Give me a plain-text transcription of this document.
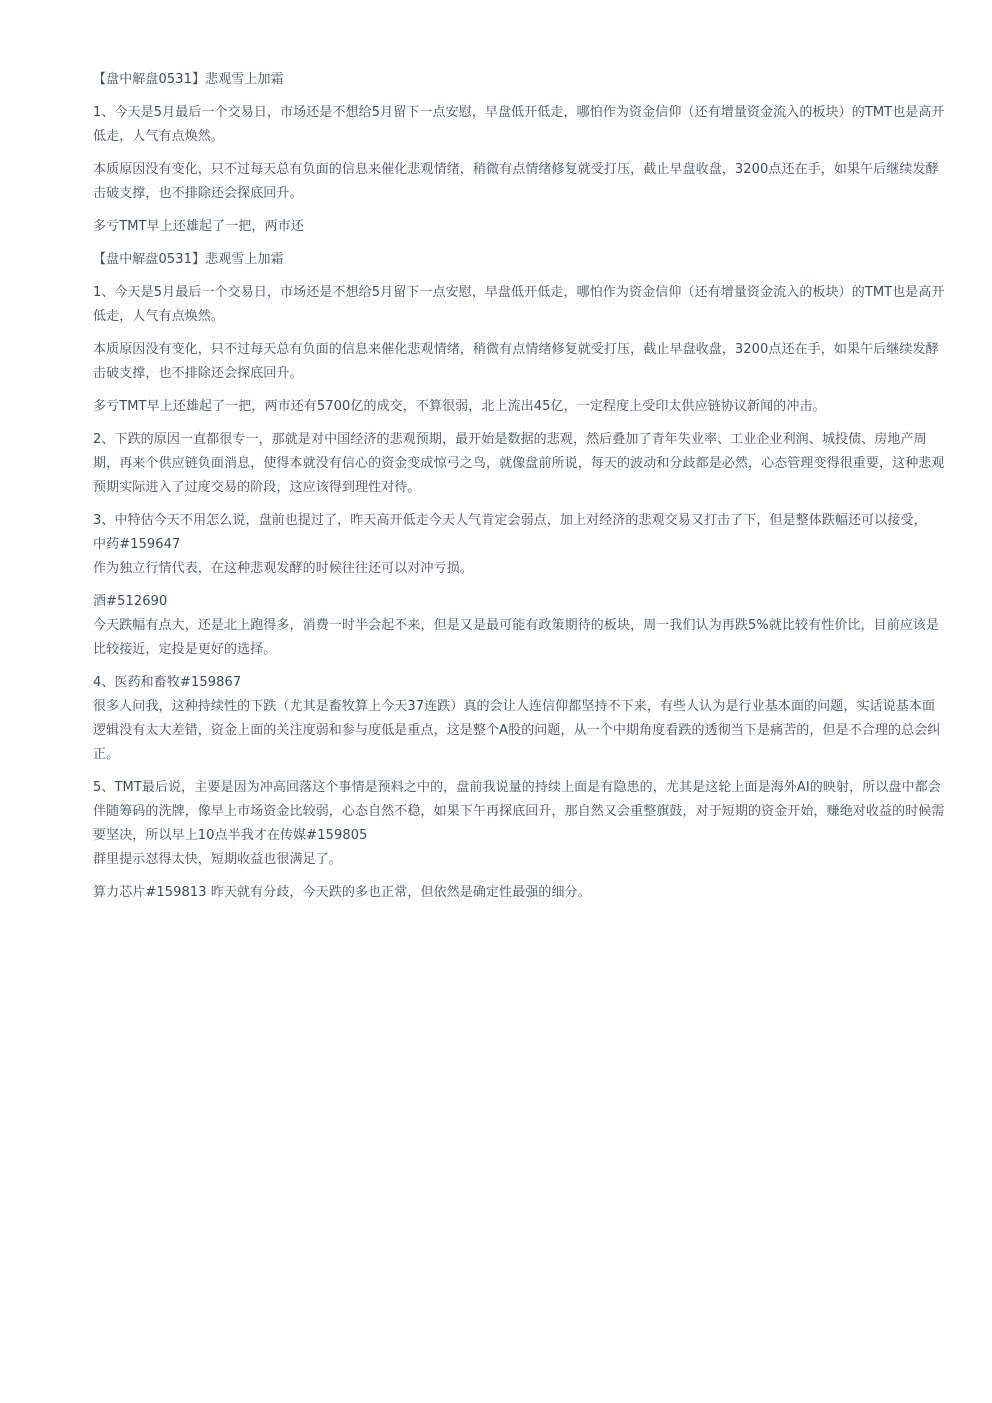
【盘中解盘0531】悲观雪上加霜

1、今天是5月最后一个交易日，市场还是不想给5月留下一点安慰，早盘低开低走，哪怕作为资金信仰（还有增量资金流入的板块）的TMT也是高开低走，人气有点焕然。

本质原因没有变化，只不过每天总有负面的信息来催化悲观情绪，稍微有点情绪修复就受打压，截止早盘收盘，3200点还在手，如果午后继续发酵击破支撑，也不排除还会探底回升。

多亏TMT早上还雄起了一把，两市还

【盘中解盘0531】悲观雪上加霜

1、今天是5月最后一个交易日，市场还是不想给5月留下一点安慰，早盘低开低走，哪怕作为资金信仰（还有增量资金流入的板块）的TMT也是高开低走，人气有点焕然。

本质原因没有变化，只不过每天总有负面的信息来催化悲观情绪，稍微有点情绪修复就受打压，截止早盘收盘，3200点还在手，如果午后继续发酵击破支撑，也不排除还会探底回升。

多亏TMT早上还雄起了一把，两市还有5700亿的成交，不算很弱，北上流出45亿，一定程度上受印太供应链协议新闻的冲击。

2、下跌的原因一直都很专一，那就是对中国经济的悲观预期，最开始是数据的悲观，然后叠加了青年失业率、工业企业利润、城投债、房地产周期，再来个供应链负面消息，使得本就没有信心的资金变成惊弓之鸟，就像盘前所说，每天的波动和分歧都是必然，心态管理变得很重要，这种悲观预期实际进入了过度交易的阶段，这应该得到理性对待。

3、中特估今天不用怎么说，盘前也提过了，昨天高开低走今天人气肯定会弱点，加上对经济的悲观交易又打击了下，但是整体跌幅还可以接受，
中药#159647
作为独立行情代表，在这种悲观发酵的时候往往还可以对冲亏损。

酒#512690
今天跌幅有点大，还是北上跑得多，消费一时半会起不来，但是又是最可能有政策期待的板块，周一我们认为再跌5%就比较有性价比，目前应该是比较接近，定投是更好的选择。

4、医药和畜牧#159867
很多人问我，这种持续性的下跌（尤其是畜牧算上今天37连跌）真的会让人连信仰都坚持不下来，有些人认为是行业基本面的问题，实话说基本面逻辑没有太大差错，资金上面的关注度弱和参与度低是重点，这是整个A股的问题，从一个中期角度看跌的透彻当下是痛苦的，但是不合理的总会纠正。

5、TMT最后说，主要是因为冲高回落这个事情是预料之中的，盘前我说量的持续上面是有隐患的，尤其是这轮上面是海外AI的映射，所以盘中都会伴随筹码的洗牌，像早上市场资金比较弱，心态自然不稳，如果下午再探底回升，那自然又会重整旗鼓，对于短期的资金开始，赚绝对收益的时候需要坚决，所以早上10点半我才在传媒#159805
群里提示怼得太快，短期收益也很满足了。

算力芯片#159813 昨天就有分歧，今天跌的多也正常，但依然是确定性最强的细分。
